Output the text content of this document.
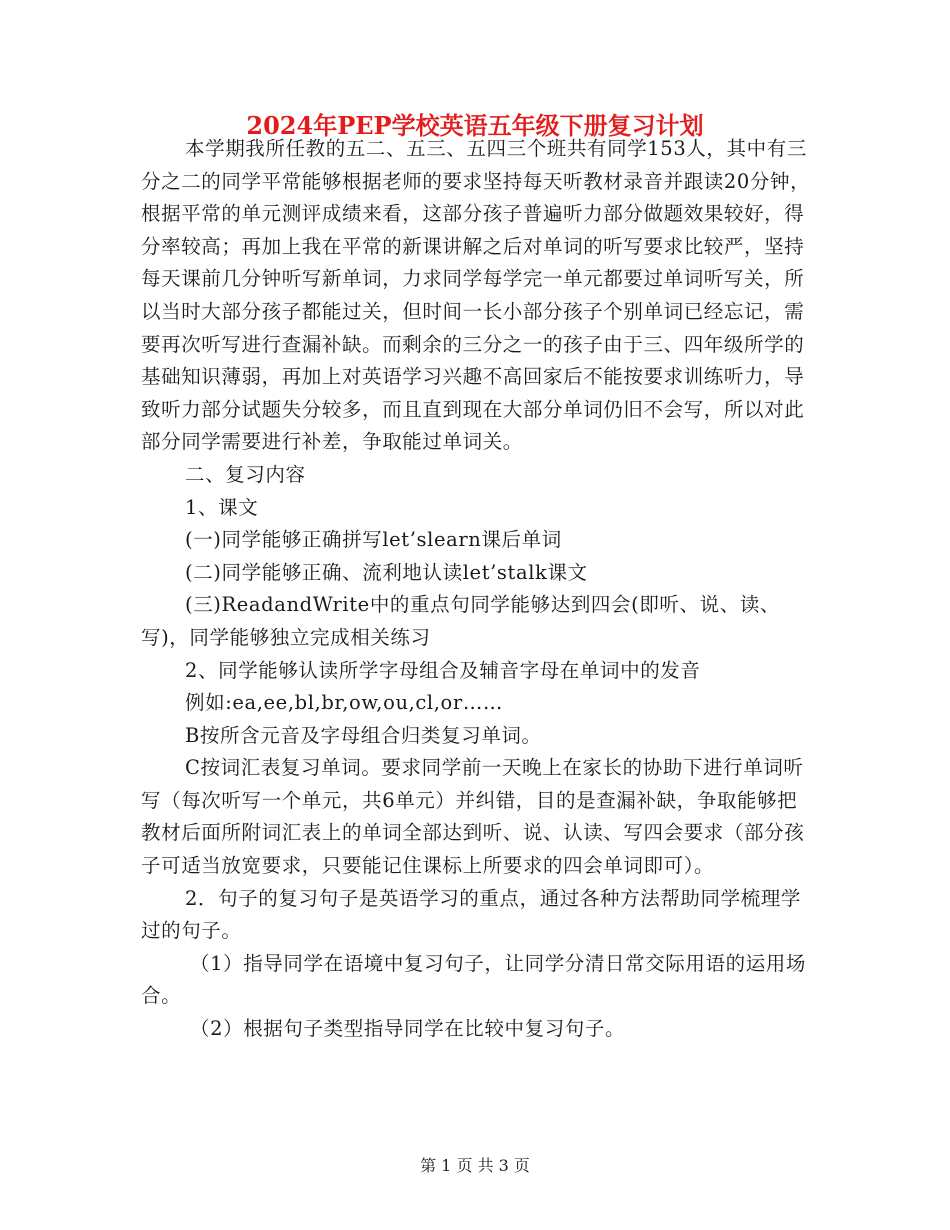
2024年PEP学校英语五年级下册复习计划

本学期我所任教的五二、五三、五四三个班共有同学153人，其中有三分之二的同学平常能够根据老师的要求坚持每天听教材录音并跟读20分钟，根据平常的单元测评成绩来看，这部分孩子普遍听力部分做题效果较好，得分率较高；再加上我在平常的新课讲解之后对单词的听写要求比较严，坚持每天课前几分钟听写新单词，力求同学每学完一单元都要过单词听写关，所以当时大部分孩子都能过关，但时间一长小部分孩子个别单词已经忘记，需要再次听写进行查漏补缺。而剩余的三分之一的孩子由于三、四年级所学的基础知识薄弱，再加上对英语学习兴趣不高回家后不能按要求训练听力，导致听力部分试题失分较多，而且直到现在大部分单词仍旧不会写，所以对此部分同学需要进行补差，争取能过单词关。

二、复习内容

1、课文

(一)同学能够正确拼写let’slearn课后单词

(二)同学能够正确、流利地认读let’stalk课文

(三)ReadandWrite中的重点句同学能够达到四会(即听、说、读、写)，同学能够独立完成相关练习

2、同学能够认读所学字母组合及辅音字母在单词中的发音

例如:ea,ee,bl,br,ow,ou,cl,or……

B按所含元音及字母组合归类复习单词。

C按词汇表复习单词。要求同学前一天晚上在家长的协助下进行单词听写（每次听写一个单元，共6单元）并纠错，目的是查漏补缺，争取能够把教材后面所附词汇表上的单词全部达到听、说、认读、写四会要求（部分孩子可适当放宽要求，只要能记住课标上所要求的四会单词即可）。

2．句子的复习句子是英语学习的重点，通过各种方法帮助同学梳理学过的句子。

（1）指导同学在语境中复习句子，让同学分清日常交际用语的运用场合。

（2）根据句子类型指导同学在比较中复习句子。

第 1 页 共 3 页
